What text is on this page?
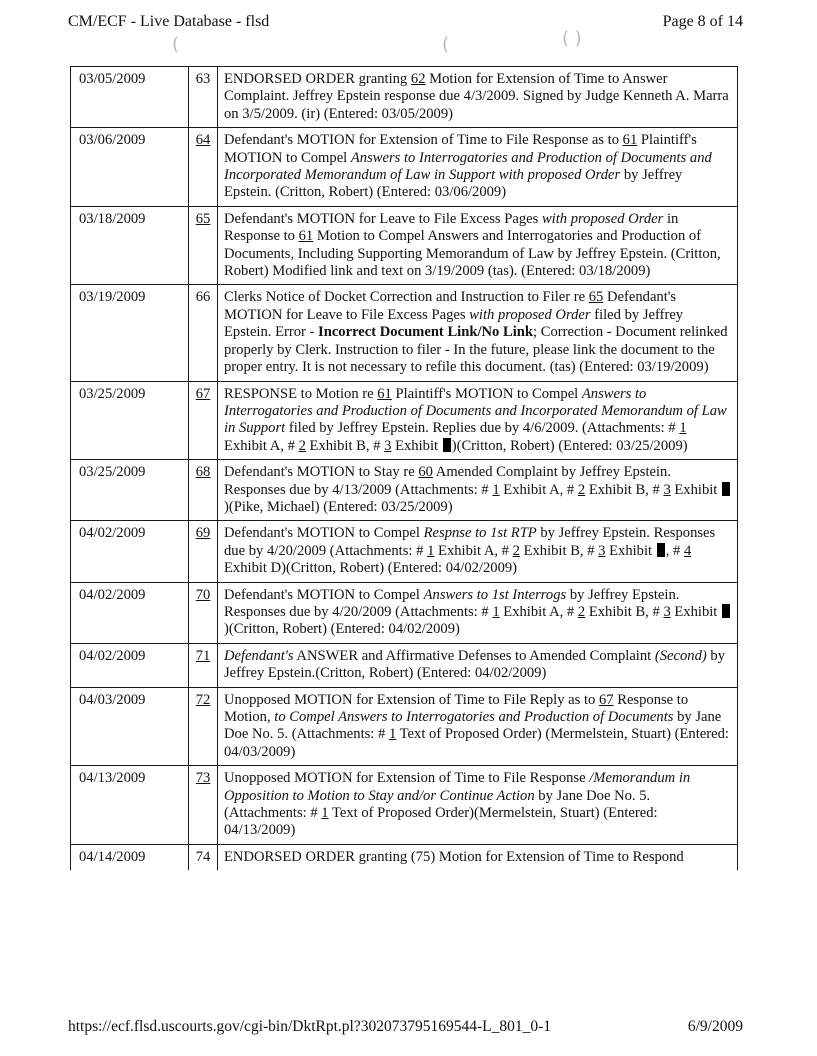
CM/ECF - Live Database - flsd	Page 8 of 14
(	(	( )
03/05/2009	63	ENDORSED ORDER granting 62 Motion for Extension of Time to Answer Complaint. Jeffrey Epstein response due 4/3/2009. Signed by Judge Kenneth A. Marra on 3/5/2009. (ir) (Entered: 03/05/2009)
03/06/2009	64	Defendant's MOTION for Extension of Time to File Response as to 61 Plaintiff's MOTION to Compel Answers to Interrogatories and Production of Documents and Incorporated Memorandum of Law in Support with proposed Order by Jeffrey Epstein. (Critton, Robert) (Entered: 03/06/2009)
03/18/2009	65	Defendant's MOTION for Leave to File Excess Pages with proposed Order in Response to 61 Motion to Compel Answers and Interrogatories and Production of Documents, Including Supporting Memorandum of Law by Jeffrey Epstein. (Critton, Robert) Modified link and text on 3/19/2009 (tas). (Entered: 03/18/2009)
03/19/2009	66	Clerks Notice of Docket Correction and Instruction to Filer re 65 Defendant's MOTION for Leave to File Excess Pages with proposed Order filed by Jeffrey Epstein. Error - Incorrect Document Link/No Link; Correction - Document relinked properly by Clerk. Instruction to filer - In the future, please link the document to the proper entry. It is not necessary to refile this document. (tas) (Entered: 03/19/2009)
03/25/2009	67	RESPONSE to Motion re 61 Plaintiff's MOTION to Compel Answers to Interrogatories and Production of Documents and Incorporated Memorandum of Law in Support filed by Jeffrey Epstein. Replies due by 4/6/2009. (Attachments: # 1 Exhibit A, # 2 Exhibit B, # 3 Exhibit )(Critton, Robert) (Entered: 03/25/2009)
03/25/2009	68	Defendant's MOTION to Stay re 60 Amended Complaint by Jeffrey Epstein. Responses due by 4/13/2009 (Attachments: # 1 Exhibit A, # 2 Exhibit B, # 3 Exhibit )(Pike, Michael) (Entered: 03/25/2009)
04/02/2009	69	Defendant's MOTION to Compel Respnse to 1st RTP by Jeffrey Epstein. Responses due by 4/20/2009 (Attachments: # 1 Exhibit A, # 2 Exhibit B, # 3 Exhibit , # 4 Exhibit D)(Critton, Robert) (Entered: 04/02/2009)
04/02/2009	70	Defendant's MOTION to Compel Answers to 1st Interrogs by Jeffrey Epstein. Responses due by 4/20/2009 (Attachments: # 1 Exhibit A, # 2 Exhibit B, # 3 Exhibit )(Critton, Robert) (Entered: 04/02/2009)
04/02/2009	71	Defendant's ANSWER and Affirmative Defenses to Amended Complaint (Second) by Jeffrey Epstein.(Critton, Robert) (Entered: 04/02/2009)
04/03/2009	72	Unopposed MOTION for Extension of Time to File Reply as to 67 Response to Motion, to Compel Answers to Interrogatories and Production of Documents by Jane Doe No. 5. (Attachments: # 1 Text of Proposed Order) (Mermelstein, Stuart) (Entered: 04/03/2009)
04/13/2009	73	Unopposed MOTION for Extension of Time to File Response /Memorandum in Opposition to Motion to Stay and/or Continue Action by Jane Doe No. 5. (Attachments: # 1 Text of Proposed Order)(Mermelstein, Stuart) (Entered: 04/13/2009)
04/14/2009	74	ENDORSED ORDER granting (75) Motion for Extension of Time to Respond
https://ecf.flsd.uscourts.gov/cgi-bin/DktRpt.pl?302073795169544-L_801_0-1	6/9/2009
